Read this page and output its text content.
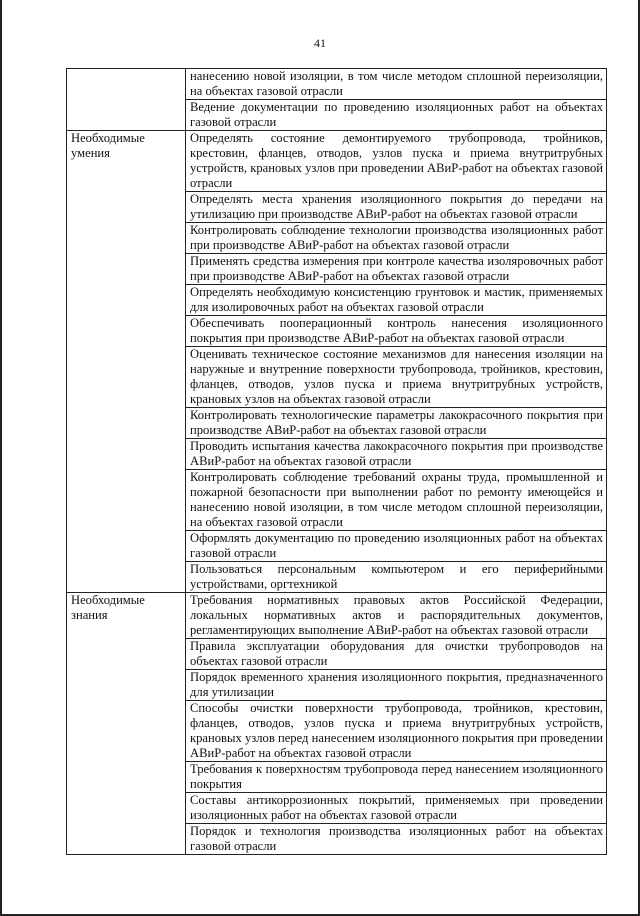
41
	нанесению новой изоляции, в том числе методом сплошной переизоляции, на объектах газовой отрасли
	Ведение документации по проведению изоляционных работ на объектах газовой отрасли
Необходимые умения	Определять состояние демонтируемого трубопровода, тройников, крестовин, фланцев, отводов, узлов пуска и приема внутритрубных устройств, крановых узлов при проведении АВиР-работ на объектах газовой отрасли
	Определять места хранения изоляционного покрытия до передачи на утилизацию при производстве АВиР-работ на объектах газовой отрасли
	Контролировать соблюдение технологии производства изоляционных работ при производстве АВиР-работ на объектах газовой отрасли
	Применять средства измерения при контроле качества изоляровочных работ при производстве АВиР-работ на объектах газовой отрасли
	Определять необходимую консистенцию грунтовок и мастик, применяемых для изолировочных работ на объектах газовой отрасли
	Обеспечивать пооперационный контроль нанесения изоляционного покрытия при производстве АВиР-работ на объектах газовой отрасли
	Оценивать техническое состояние механизмов для нанесения изоляции на наружные и внутренние поверхности трубопровода, тройников, крестовин, фланцев, отводов, узлов пуска и приема внутритрубных устройств, крановых узлов на объектах газовой отрасли
	Контролировать технологические параметры лакокрасочного покрытия при производстве АВиР-работ на объектах газовой отрасли
	Проводить испытания качества лакокрасочного покрытия при производстве АВиР-работ на объектах газовой отрасли
	Контролировать соблюдение требований охраны труда, промышленной и пожарной безопасности при выполнении работ по ремонту имеющейся и нанесению новой изоляции, в том числе методом сплошной переизоляции, на объектах газовой отрасли
	Оформлять документацию по проведению изоляционных работ на объектах газовой отрасли
	Пользоваться персональным компьютером и его периферийными устройствами, оргтехникой
Необходимые знания	Требования нормативных правовых актов Российской Федерации, локальных нормативных актов и распорядительных документов, регламентирующих выполнение АВиР-работ на объектах газовой отрасли
	Правила эксплуатации оборудования для очистки трубопроводов на объектах газовой отрасли
	Порядок временного хранения изоляционного покрытия, предназначенного для утилизации
	Способы очистки поверхности трубопровода, тройников, крестовин, фланцев, отводов, узлов пуска и приема внутритрубных устройств, крановых узлов перед нанесением изоляционного покрытия при проведении АВиР-работ на объектах газовой отрасли
	Требования к поверхностям трубопровода перед нанесением изоляционного покрытия
	Составы антикоррозионных покрытий, применяемых при проведении изоляционных работ на объектах газовой отрасли
	Порядок и технология производства изоляционных работ на объектах газовой отрасли
